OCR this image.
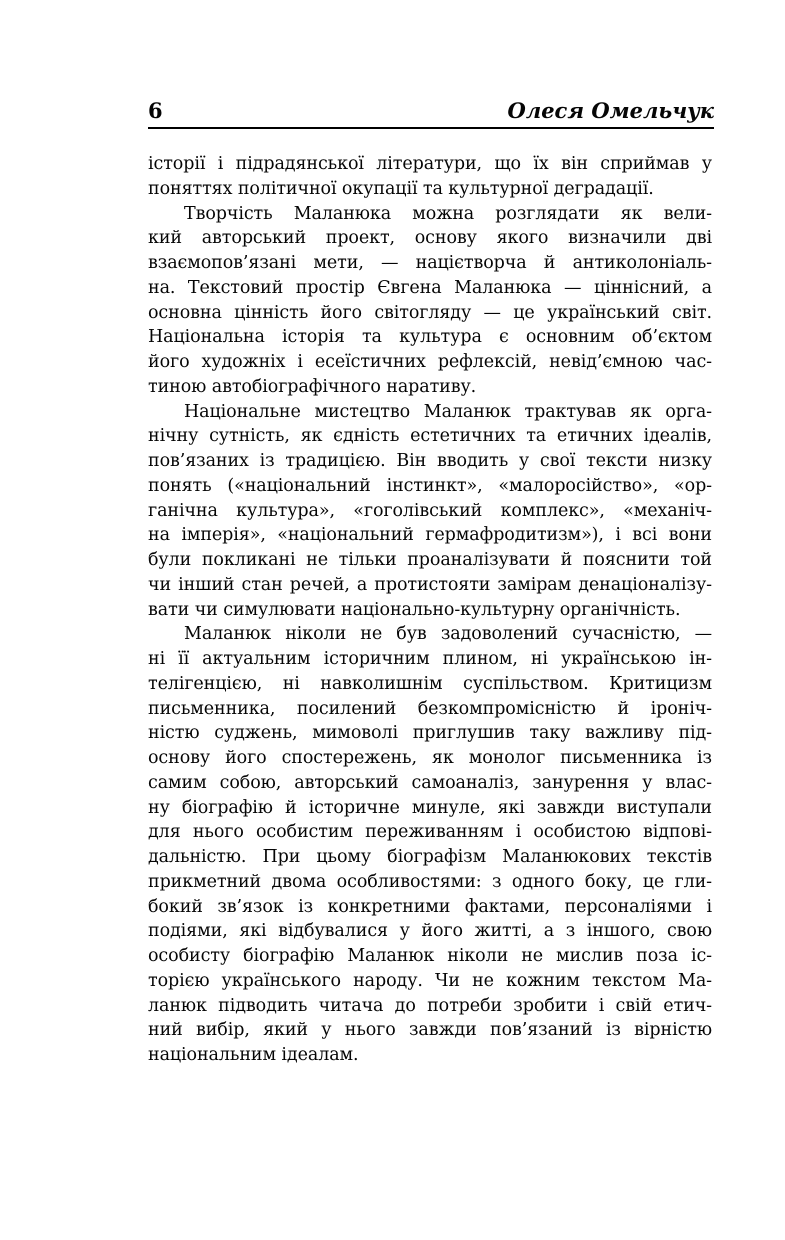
6	Олеся Омельчук
історії і підрадянської літератури, що їх він сприймав у
поняттях політичної окупації та культурної деградації.
Творчість Маланюка можна розглядати як вели-
кий авторський проект, основу якого визначили дві
взаємопов’язані мети, — націєтворча й антиколоніаль-
на. Текстовий простір Євгена Маланюка — ціннісний, а
основна цінність його світогляду — це український світ.
Національна історія та культура є основним об’єктом
його художніх і есеїстичних рефлексій, невід’ємною час-
тиною автобіографічного наративу.
Національне мистецтво Маланюк трактував як орга-
нічну сутність, як єдність естетичних та етичних ідеалів,
пов’язаних із традицією. Він вводить у свої тексти низку
понять («національний інстинкт», «малоросійство», «ор-
ганічна культура», «гоголівський комплекс», «механіч-
на імперія», «національний гермафродитизм»), і всі вони
були покликані не тільки проаналізувати й пояснити той
чи інший стан речей, а протистояти замірам денаціоналізу-
вати чи симулювати національно-культурну органічність.
Маланюк ніколи не був задоволений сучасністю, —
ні її актуальним історичним плином, ні українською ін-
телігенцією, ні навколишнім суспільством. Критицизм
письменника, посилений безкомпромісністю й іроніч-
ністю суджень, мимоволі приглушив таку важливу під-
основу його спостережень, як монолог письменника із
самим собою, авторський самоаналіз, занурення у влас-
ну біографію й історичне минуле, які завжди виступали
для нього особистим переживанням і особистою відпові-
дальністю. При цьому біографізм Маланюкових текстів
прикметний двома особливостями: з одного боку, це гли-
бокий зв’язок із конкретними фактами, персоналіями і
подіями, які відбувалися у його житті, а з іншого, свою
особисту біографію Маланюк ніколи не мислив поза іс-
торією українського народу. Чи не кожним текстом Ма-
ланюк підводить читача до потреби зробити і свій етич-
ний вибір, який у нього завжди пов’язаний із вірністю
національним ідеалам.
